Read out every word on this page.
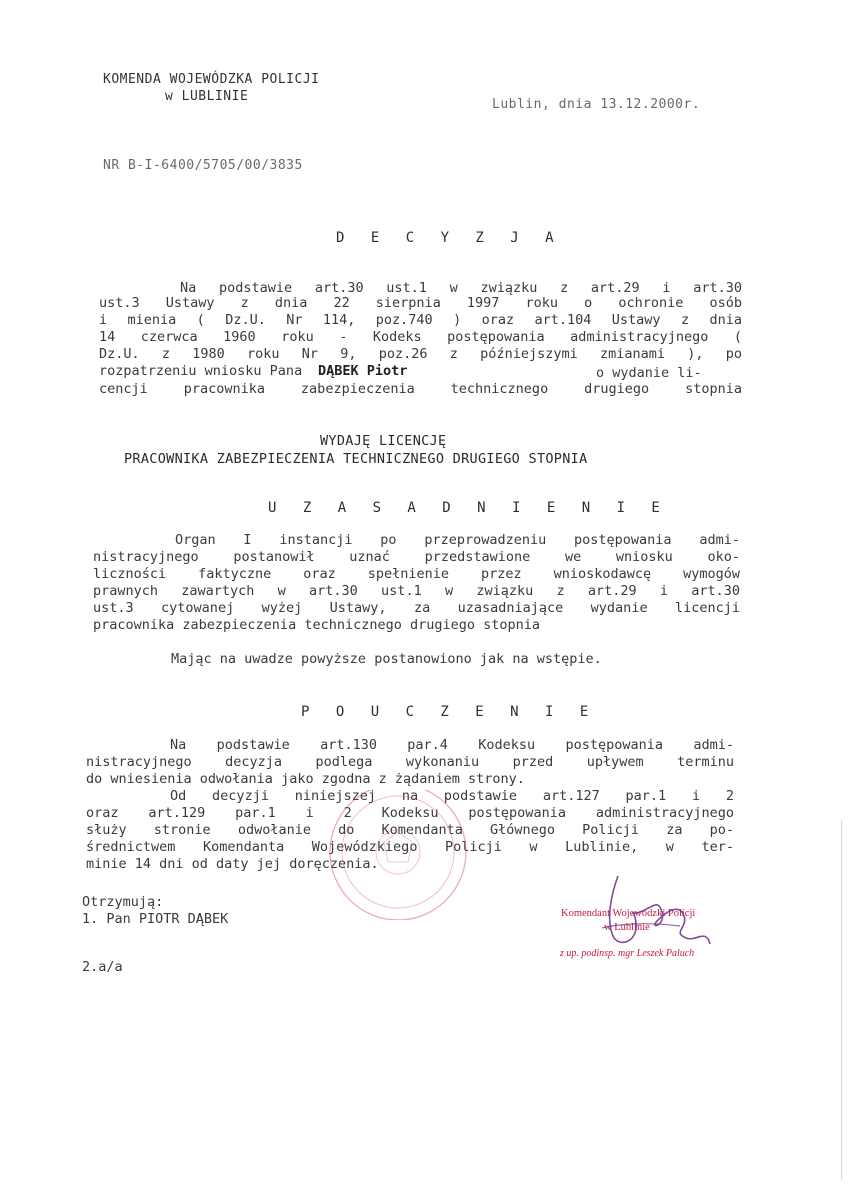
KOMENDA WOJEWÓDZKA POLICJI
w LUBLINIE
Lublin, dnia 13.12.2000r.
NR B-I-6400/5705/00/3835
D E C Y Z J A
Na podstawie art.30 ust.1 w związku z art.29 i art.30
ust.3 Ustawy z dnia 22 sierpnia 1997 roku o ochronie osób
i mienia ( Dz.U. Nr 114, poz.740 ) oraz art.104 Ustawy z dnia
14 czerwca 1960 roku - Kodeks postępowania administracyjnego (
Dz.U. z 1980 roku Nr 9, poz.26 z późniejszymi zmianami ), po
rozpatrzeniu wniosku Pana DĄBEK Piotr	o wydanie li-
cencji pracownika zabezpieczenia technicznego drugiego stopnia
WYDAJĘ LICENCJĘ
PRACOWNIKA ZABEZPIECZENIA TECHNICZNEGO DRUGIEGO STOPNIA
U Z A S A D N I E N I E
Organ I instancji po przeprowadzeniu postępowania admi-
nistracyjnego postanowił uznać przedstawione we wniosku oko-
liczności faktyczne oraz spełnienie przez wnioskodawcę wymogów
prawnych zawartych w art.30 ust.1 w związku z art.29 i art.30
ust.3 cytowanej wyżej Ustawy, za uzasadniające wydanie licencji
pracownika zabezpieczenia technicznego drugiego stopnia
Mając na uwadze powyższe postanowiono jak na wstępie.
P O U C Z E N I E
Na podstawie art.130 par.4 Kodeksu postępowania admi-
nistracyjnego decyzja podlega wykonaniu przed upływem terminu
do wniesienia odwołania jako zgodna z żądaniem strony.
Od decyzji niniejszej na podstawie art.127 par.1 i 2
oraz art.129 par.1 i 2 Kodeksu postępowania administracyjnego
służy stronie odwołanie do Komendanta Głównego Policji za po-
średnictwem Komendanta Wojewódzkiego Policji w Lublinie, w ter-
minie 14 dni od daty jej doręczenia.
Otrzymują:
1. Pan PIOTR DĄBEK
2.a/a
Komendant Wojewódzki Policji
w Lublinie
z up. podinsp. mgr Leszek Paluch
